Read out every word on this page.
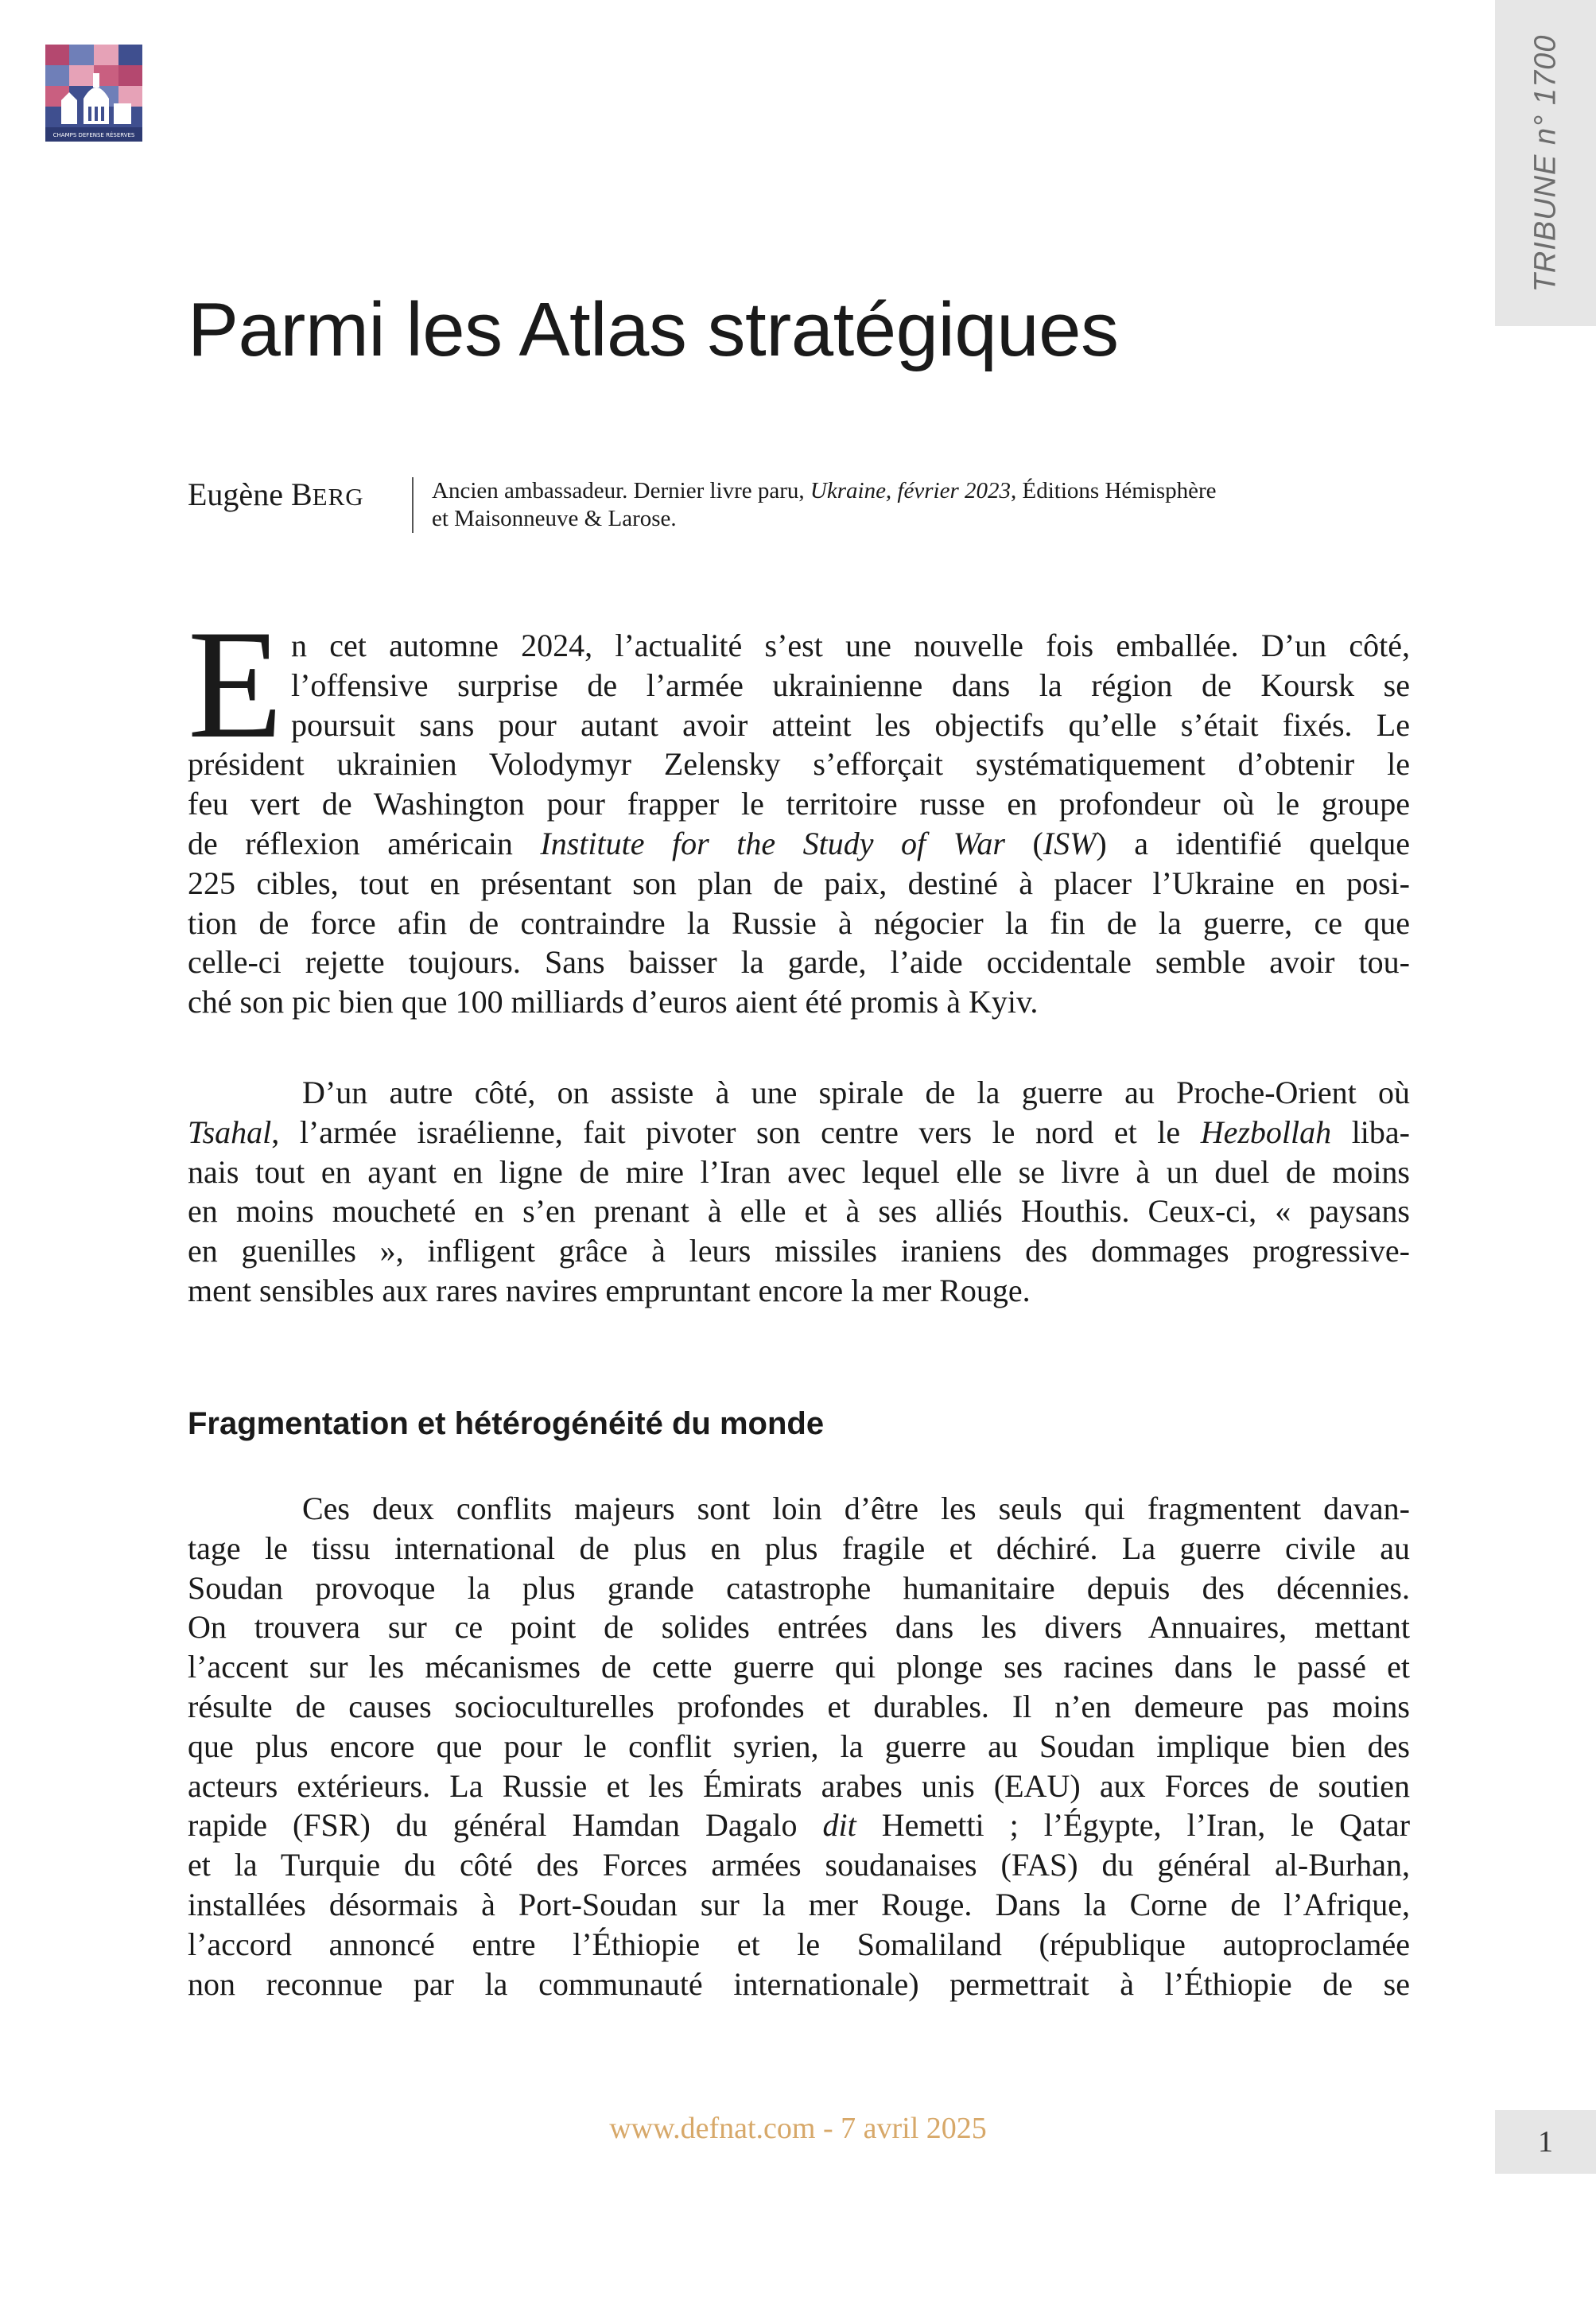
CHAMPS DEFENSE RÉSERVES	TRIBUNE n° 1700
1
Parmi les Atlas stratégiques
Eugène BERG	Ancien ambassadeur. Dernier livre paru, Ukraine, février 2023, Éditions Hémisphère
et Maisonneuve & Larose.
E n cet automne 2024, l’actualité s’est une nouvelle fois emballée. D’un côté,
l’offensive surprise de l’armée ukrainienne dans la région de Koursk se
poursuit sans pour autant avoir atteint les objectifs qu’elle s’était fixés. Le
président ukrainien Volodymyr Zelensky s’efforçait systématiquement d’obtenir le
feu vert de Washington pour frapper le territoire russe en profondeur où le groupe
de réflexion américain Institute for the Study of War (ISW) a identifié quelque
225 cibles, tout en présentant son plan de paix, destiné à placer l’Ukraine en posi-
tion de force afin de contraindre la Russie à négocier la fin de la guerre, ce que
celle-ci rejette toujours. Sans baisser la garde, l’aide occidentale semble avoir tou-
ché son pic bien que 100 milliards d’euros aient été promis à Kyiv.
D’un autre côté, on assiste à une spirale de la guerre au Proche-Orient où
Tsahal, l’armée israélienne, fait pivoter son centre vers le nord et le Hezbollah liba-
nais tout en ayant en ligne de mire l’Iran avec lequel elle se livre à un duel de moins
en moins moucheté en s’en prenant à elle et à ses alliés Houthis. Ceux-ci, « paysans
en guenilles », infligent grâce à leurs missiles iraniens des dommages progressive-
ment sensibles aux rares navires empruntant encore la mer Rouge.
Fragmentation et hétérogénéité du monde
Ces deux conflits majeurs sont loin d’être les seuls qui fragmentent davan-
tage le tissu international de plus en plus fragile et déchiré. La guerre civile au
Soudan provoque la plus grande catastrophe humanitaire depuis des décennies.
On trouvera sur ce point de solides entrées dans les divers Annuaires, mettant
l’accent sur les mécanismes de cette guerre qui plonge ses racines dans le passé et
résulte de causes socioculturelles profondes et durables. Il n’en demeure pas moins
que plus encore que pour le conflit syrien, la guerre au Soudan implique bien des
acteurs extérieurs. La Russie et les Émirats arabes unis (EAU) aux Forces de soutien
rapide (FSR) du général Hamdan Dagalo dit Hemetti ; l’Égypte, l’Iran, le Qatar
et la Turquie du côté des Forces armées soudanaises (FAS) du général al-Burhan,
installées désormais à Port-Soudan sur la mer Rouge. Dans la Corne de l’Afrique,
l’accord annoncé entre l’Éthiopie et le Somaliland (république autoproclamée
non reconnue par la communauté internationale) permettrait à l’Éthiopie de se
www.defnat.com - 7 avril 2025
